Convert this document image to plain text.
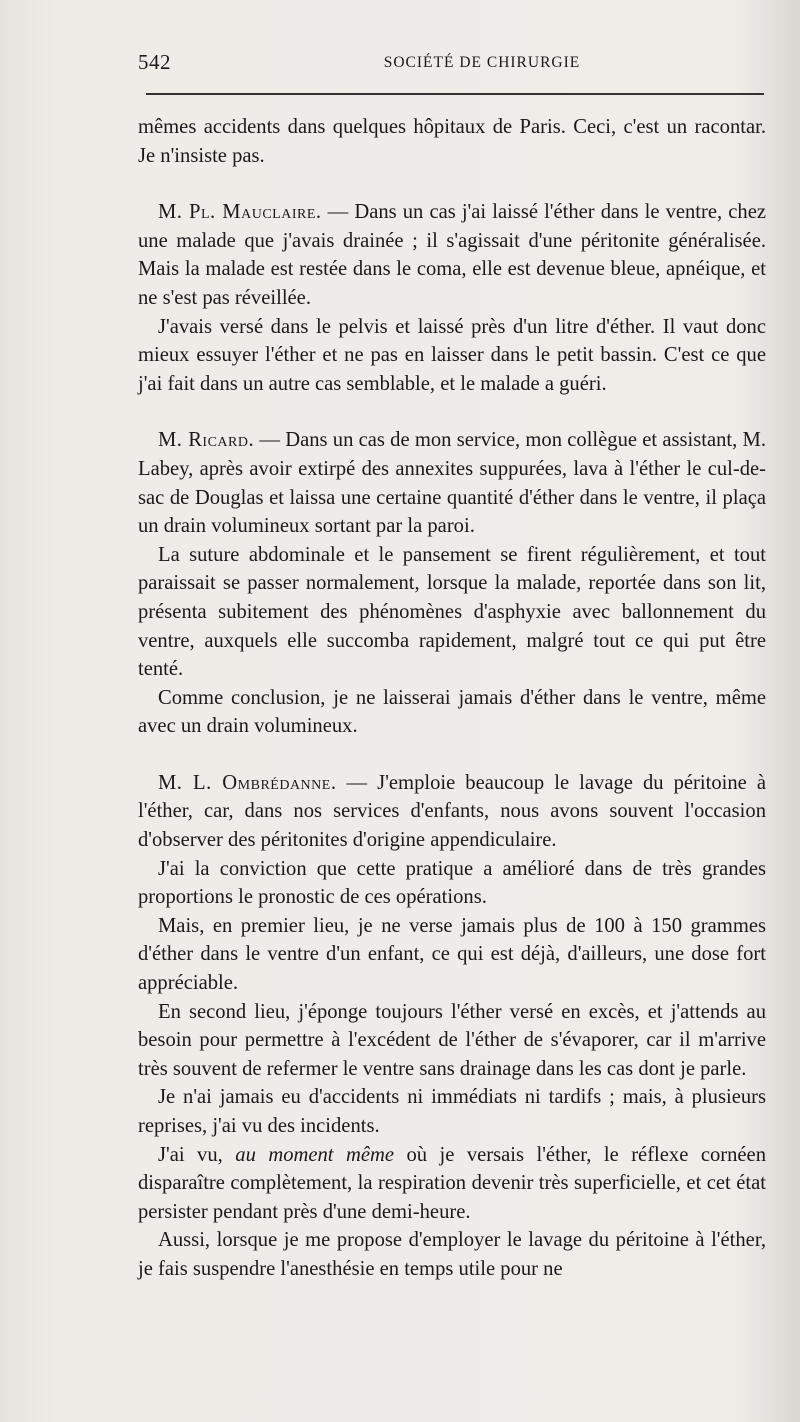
542	SOCIÉTÉ DE CHIRURGIE

mêmes accidents dans quelques hôpitaux de Paris. Ceci, c'est un racontar. Je n'insiste pas.

M. Pl. Mauclaire. — Dans un cas j'ai laissé l'éther dans le ventre, chez une malade que j'avais drainée ; il s'agissait d'une péritonite généralisée. Mais la malade est restée dans le coma, elle est devenue bleue, apnéique, et ne s'est pas réveillée.

J'avais versé dans le pelvis et laissé près d'un litre d'éther. Il vaut donc mieux essuyer l'éther et ne pas en laisser dans le petit bassin. C'est ce que j'ai fait dans un autre cas semblable, et le malade a guéri.

M. Ricard. — Dans un cas de mon service, mon collègue et assistant, M. Labey, après avoir extirpé des annexites suppurées, lava à l'éther le cul-de-sac de Douglas et laissa une certaine quantité d'éther dans le ventre, il plaça un drain volumineux sortant par la paroi.

La suture abdominale et le pansement se firent régulièrement, et tout paraissait se passer normalement, lorsque la malade, reportée dans son lit, présenta subitement des phénomènes d'asphyxie avec ballonnement du ventre, auxquels elle succomba rapidement, malgré tout ce qui put être tenté.

Comme conclusion, je ne laisserai jamais d'éther dans le ventre, même avec un drain volumineux.

M. L. Ombrédanne. — J'emploie beaucoup le lavage du péritoine à l'éther, car, dans nos services d'enfants, nous avons souvent l'occasion d'observer des péritonites d'origine appendiculaire.

J'ai la conviction que cette pratique a amélioré dans de très grandes proportions le pronostic de ces opérations.

Mais, en premier lieu, je ne verse jamais plus de 100 à 150 grammes d'éther dans le ventre d'un enfant, ce qui est déjà, d'ailleurs, une dose fort appréciable.

En second lieu, j'éponge toujours l'éther versé en excès, et j'attends au besoin pour permettre à l'excédent de l'éther de s'évaporer, car il m'arrive très souvent de refermer le ventre sans drainage dans les cas dont je parle.

Je n'ai jamais eu d'accidents ni immédiats ni tardifs ; mais, à plusieurs reprises, j'ai vu des incidents.

J'ai vu, au moment même où je versais l'éther, le réflexe cornéen disparaître complètement, la respiration devenir très superficielle, et cet état persister pendant près d'une demi-heure.

Aussi, lorsque je me propose d'employer le lavage du péritoine à l'éther, je fais suspendre l'anesthésie en temps utile pour ne
